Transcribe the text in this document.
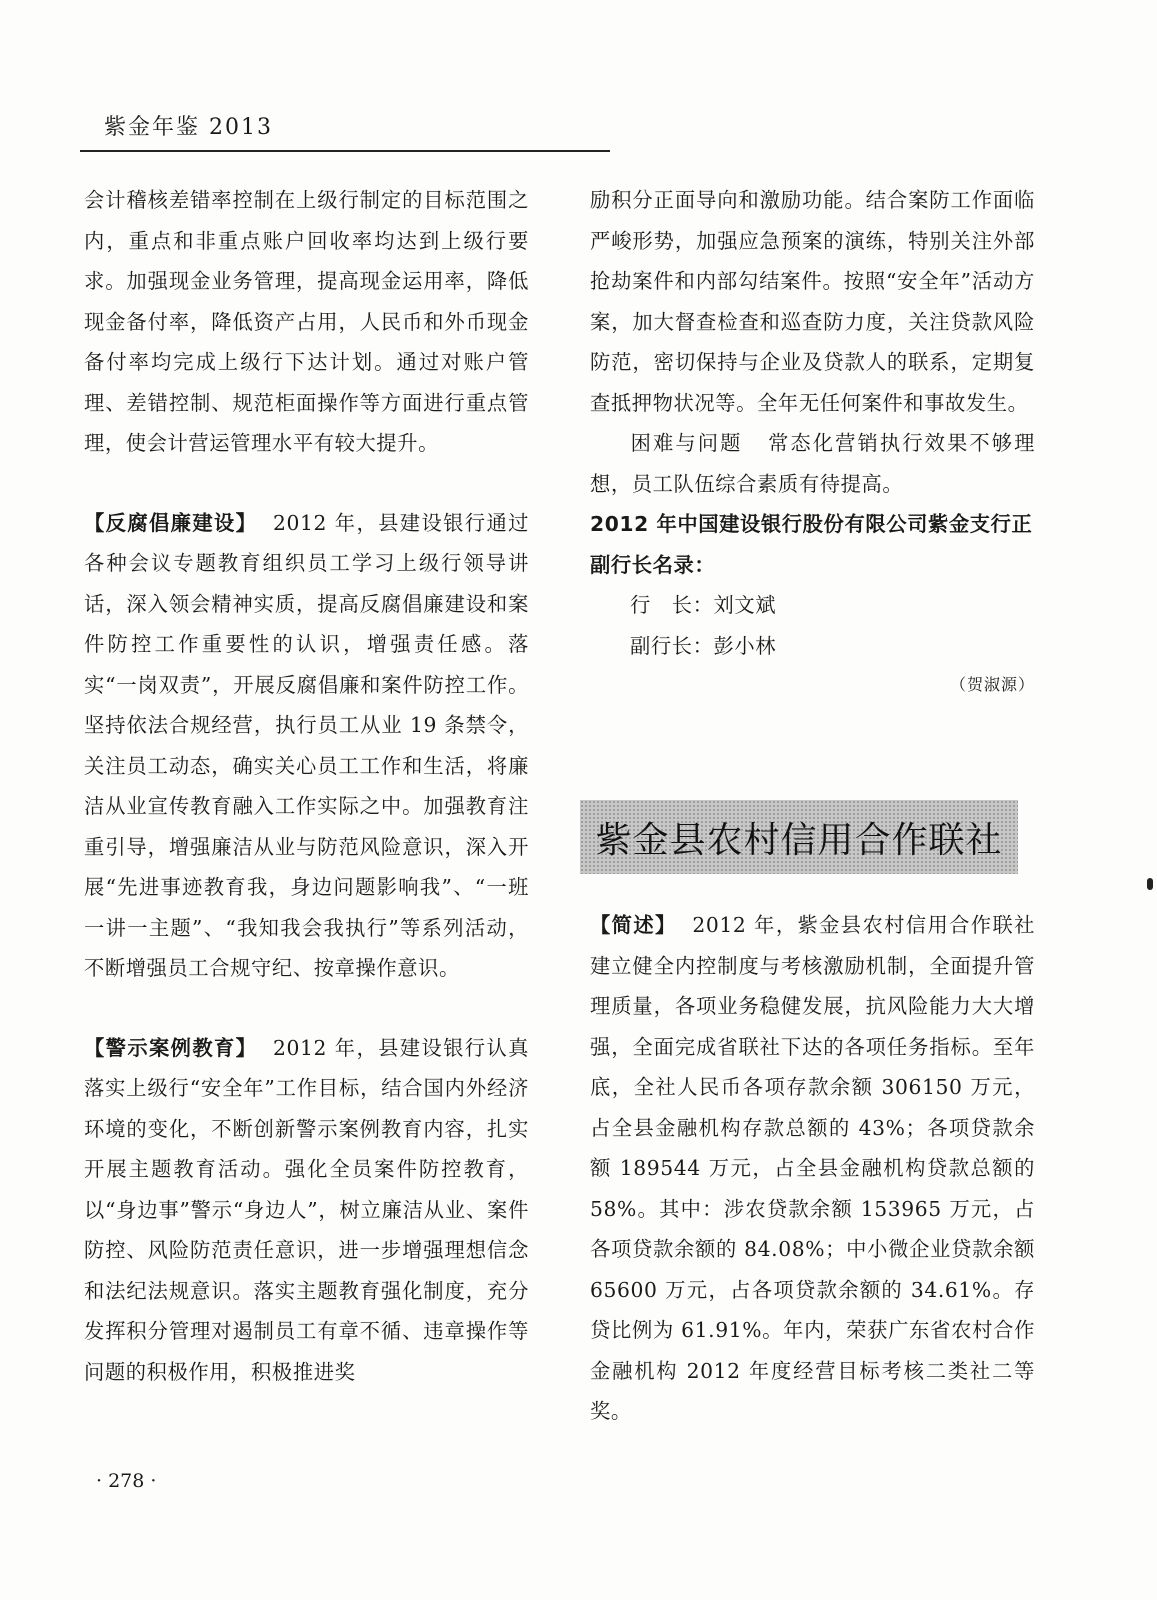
紫金年鉴 2013

会计稽核差错率控制在上级行制定的目标范围之内，重点和非重点账户回收率均达到上级行要求。加强现金业务管理，提高现金运用率，降低现金备付率，降低资产占用，人民币和外币现金备付率均完成上级行下达计划。通过对账户管理、差错控制、规范柜面操作等方面进行重点管理，使会计营运管理水平有较大提升。

【反腐倡廉建设】 2012 年，县建设银行通过各种会议专题教育组织员工学习上级行领导讲话，深入领会精神实质，提高反腐倡廉建设和案件防控工作重要性的认识，增强责任感。落实“一岗双责”，开展反腐倡廉和案件防控工作。坚持依法合规经营，执行员工从业 19 条禁令，关注员工动态，确实关心员工工作和生活，将廉洁从业宣传教育融入工作实际之中。加强教育注重引导，增强廉洁从业与防范风险意识，深入开展“先进事迹教育我，身边问题影响我”、“一班一讲一主题”、“我知我会我执行”等系列活动，不断增强员工合规守纪、按章操作意识。

【警示案例教育】 2012 年，县建设银行认真落实上级行“安全年”工作目标，结合国内外经济环境的变化，不断创新警示案例教育内容，扎实开展主题教育活动。强化全员案件防控教育，以“身边事”警示“身边人”，树立廉洁从业、案件防控、风险防范责任意识，进一步增强理想信念和法纪法规意识。落实主题教育强化制度，充分发挥积分管理对遏制员工有章不循、违章操作等问题的积极作用，积极推进奖

励积分正面导向和激励功能。结合案防工作面临严峻形势，加强应急预案的演练，特别关注外部抢劫案件和内部勾结案件。按照“安全年”活动方案，加大督查检查和巡查防力度，关注贷款风险防范，密切保持与企业及贷款人的联系，定期复查抵押物状况等。全年无任何案件和事故发生。

困难与问题 常态化营销执行效果不够理想，员工队伍综合素质有待提高。

2012 年中国建设银行股份有限公司紫金支行正副行长名录：

行　长：刘文斌

副行长：彭小林

（贺淑源）

紫金县农村信用合作联社

【简述】 2012 年，紫金县农村信用合作联社建立健全内控制度与考核激励机制，全面提升管理质量，各项业务稳健发展，抗风险能力大大增强，全面完成省联社下达的各项任务指标。至年底，全社人民币各项存款余额 306150 万元，占全县金融机构存款总额的 43%；各项贷款余额 189544 万元，占全县金融机构贷款总额的 58%。其中：涉农贷款余额 153965 万元，占各项贷款余额的 84.08%；中小微企业贷款余额 65600 万元，占各项贷款余额的 34.61%。存贷比例为 61.91%。年内，荣获广东省农村合作金融机构 2012 年度经营目标考核二类社二等奖。

· 278 ·
